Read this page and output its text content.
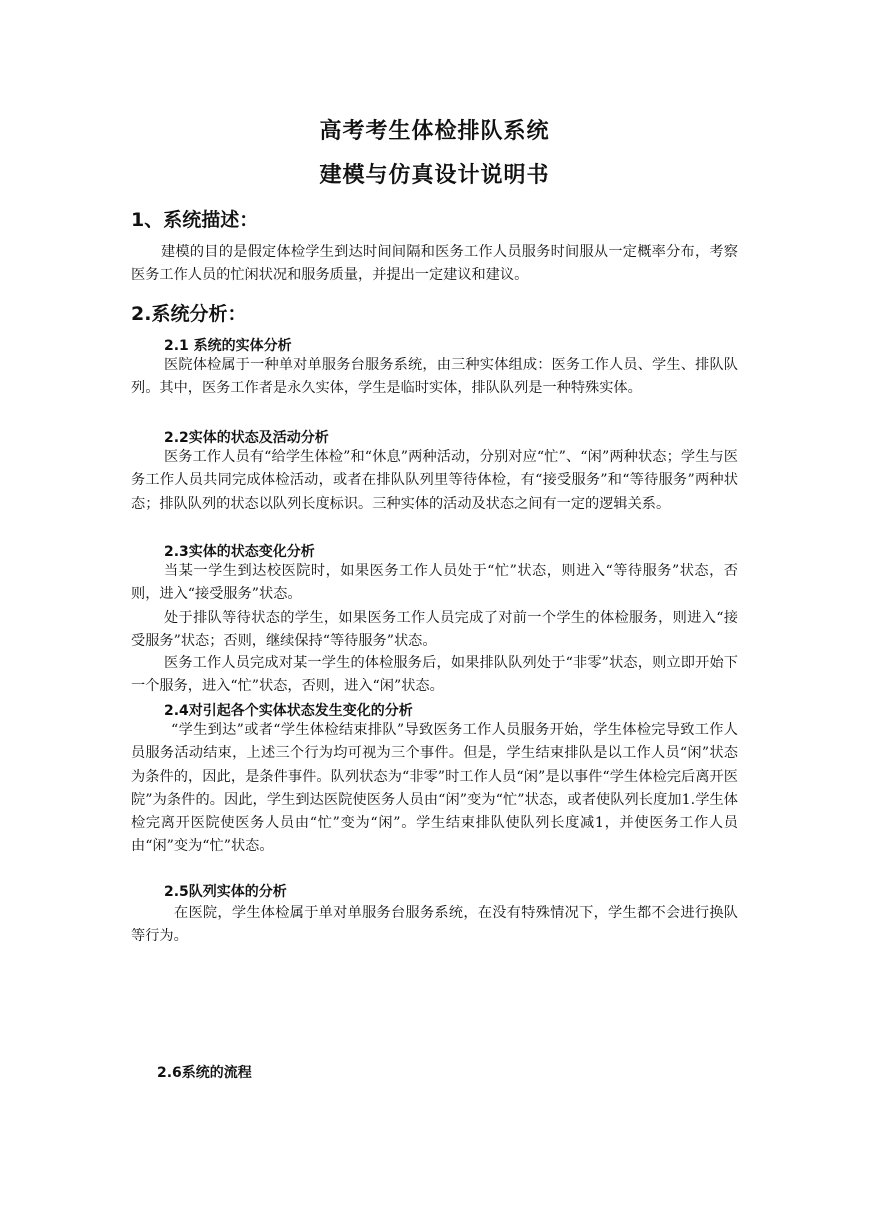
高考考生体检排队系统
建模与仿真设计说明书
1、系统描述：

建模的目的是假定体检学生到达时间间隔和医务工作人员服务时间服从一定概率分布，考察医务工作人员的忙闲状况和服务质量，并提出一定建议和建议。

2.系统分析：
2.1 系统的实体分析

医院体检属于一种单对单服务台服务系统，由三种实体组成：医务工作人员、学生、排队队列。其中，医务工作者是永久实体，学生是临时实体，排队队列是一种特殊实体。

2.2实体的状态及活动分析

医务工作人员有“给学生体检”和“休息”两种活动，分别对应“忙”、“闲”两种状态；学生与医务工作人员共同完成体检活动，或者在排队队列里等待体检，有“接受服务”和“等待服务”两种状态；排队队列的状态以队列长度标识。三种实体的活动及状态之间有一定的逻辑关系。

2.3实体的状态变化分析

当某一学生到达校医院时，如果医务工作人员处于“忙”状态，则进入“等待服务”状态，否则，进入“接受服务”状态。

处于排队等待状态的学生，如果医务工作人员完成了对前一个学生的体检服务，则进入“接受服务”状态；否则，继续保持“等待服务”状态。

医务工作人员完成对某一学生的体检服务后，如果排队队列处于“非零”状态，则立即开始下一个服务，进入“忙”状态，否则，进入“闲”状态。

2.4对引起各个实体状态发生变化的分析

“学生到达”或者“学生体检结束排队”导致医务工作人员服务开始，学生体检完导致工作人员服务活动结束，上述三个行为均可视为三个事件。但是，学生结束排队是以工作人员“闲”状态为条件的，因此，是条件事件。队列状态为“非零”时工作人员“闲”是以事件“学生体检完后离开医院”为条件的。因此，学生到达医院使医务人员由“闲”变为“忙”状态，或者使队列长度加1.学生体检完离开医院使医务人员由“忙”变为“闲”。学生结束排队使队列长度减1，并使医务工作人员由“闲”变为“忙”状态。

2.5队列实体的分析

在医院，学生体检属于单对单服务台服务系统，在没有特殊情况下，学生都不会进行换队等行为。

2.6系统的流程
